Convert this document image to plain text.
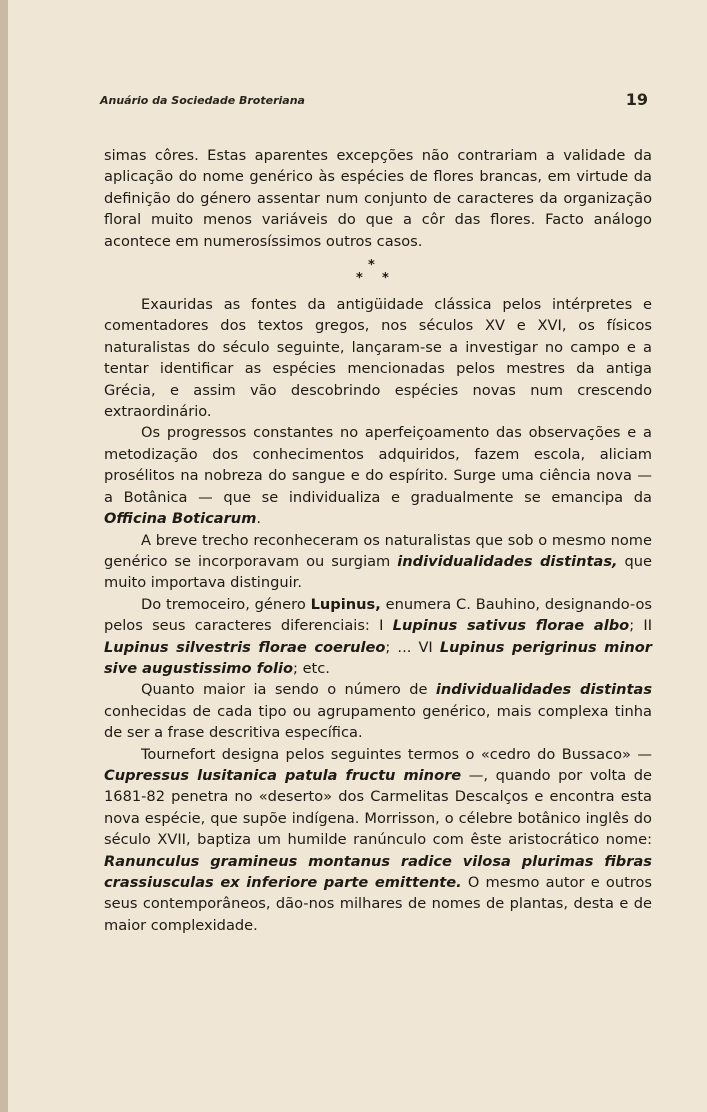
Anuário da Sociedade Broteriana	19

simas côres. Estas aparentes excepções não contrariam a validade da aplicação do nome genérico às espécies de flores brancas, em virtude da definição do género assentar num conjunto de caracteres da organização floral muito menos variáveis do que a côr das flores. Facto análogo acontece em numerosíssimos outros casos.

*
* *

Exauridas as fontes da antigüidade clássica pelos intérpretes e comentadores dos textos gregos, nos séculos XV e XVI, os físicos naturalistas do século seguinte, lançaram-se a investigar no campo e a tentar identificar as espécies mencionadas pelos mestres da antiga Grécia, e assim vão descobrindo espécies novas num crescendo extraordinário.

Os progressos constantes no aperfeiçoamento das observações e a metodização dos conhecimentos adquiridos, fazem escola, aliciam prosélitos na nobreza do sangue e do espírito. Surge uma ciência nova — a Botânica — que se individualiza e gradualmente se emancipa da Officina Boticarum.

A breve trecho reconheceram os naturalistas que sob o mesmo nome genérico se incorporavam ou surgiam individualidades distintas, que muito importava distinguir.

Do tremoceiro, género Lupinus, enumera C. Bauhino, designando-os pelos seus caracteres diferenciais: I Lupinus sativus florae albo; II Lupinus silvestris florae coeruleo; ... VI Lupinus perigrinus minor sive augustissimo folio; etc.

Quanto maior ia sendo o número de individualidades distintas conhecidas de cada tipo ou agrupamento genérico, mais complexa tinha de ser a frase descritiva específica.

Tournefort designa pelos seguintes termos o «cedro do Bussaco» — Cupressus lusitanica patula fructu minore —, quando por volta de 1681-82 penetra no «deserto» dos Carmelitas Descalços e encontra esta nova espécie, que supõe indígena. Morrisson, o célebre botânico inglês do século XVII, baptiza um humilde ranúnculo com êste aristocrático nome: Ranunculus gramineus montanus radice vilosa plurimas fibras crassiusculas ex inferiore parte emittente. O mesmo autor e outros seus contemporâneos, dão-nos milhares de nomes de plantas, desta e de maior complexidade.
